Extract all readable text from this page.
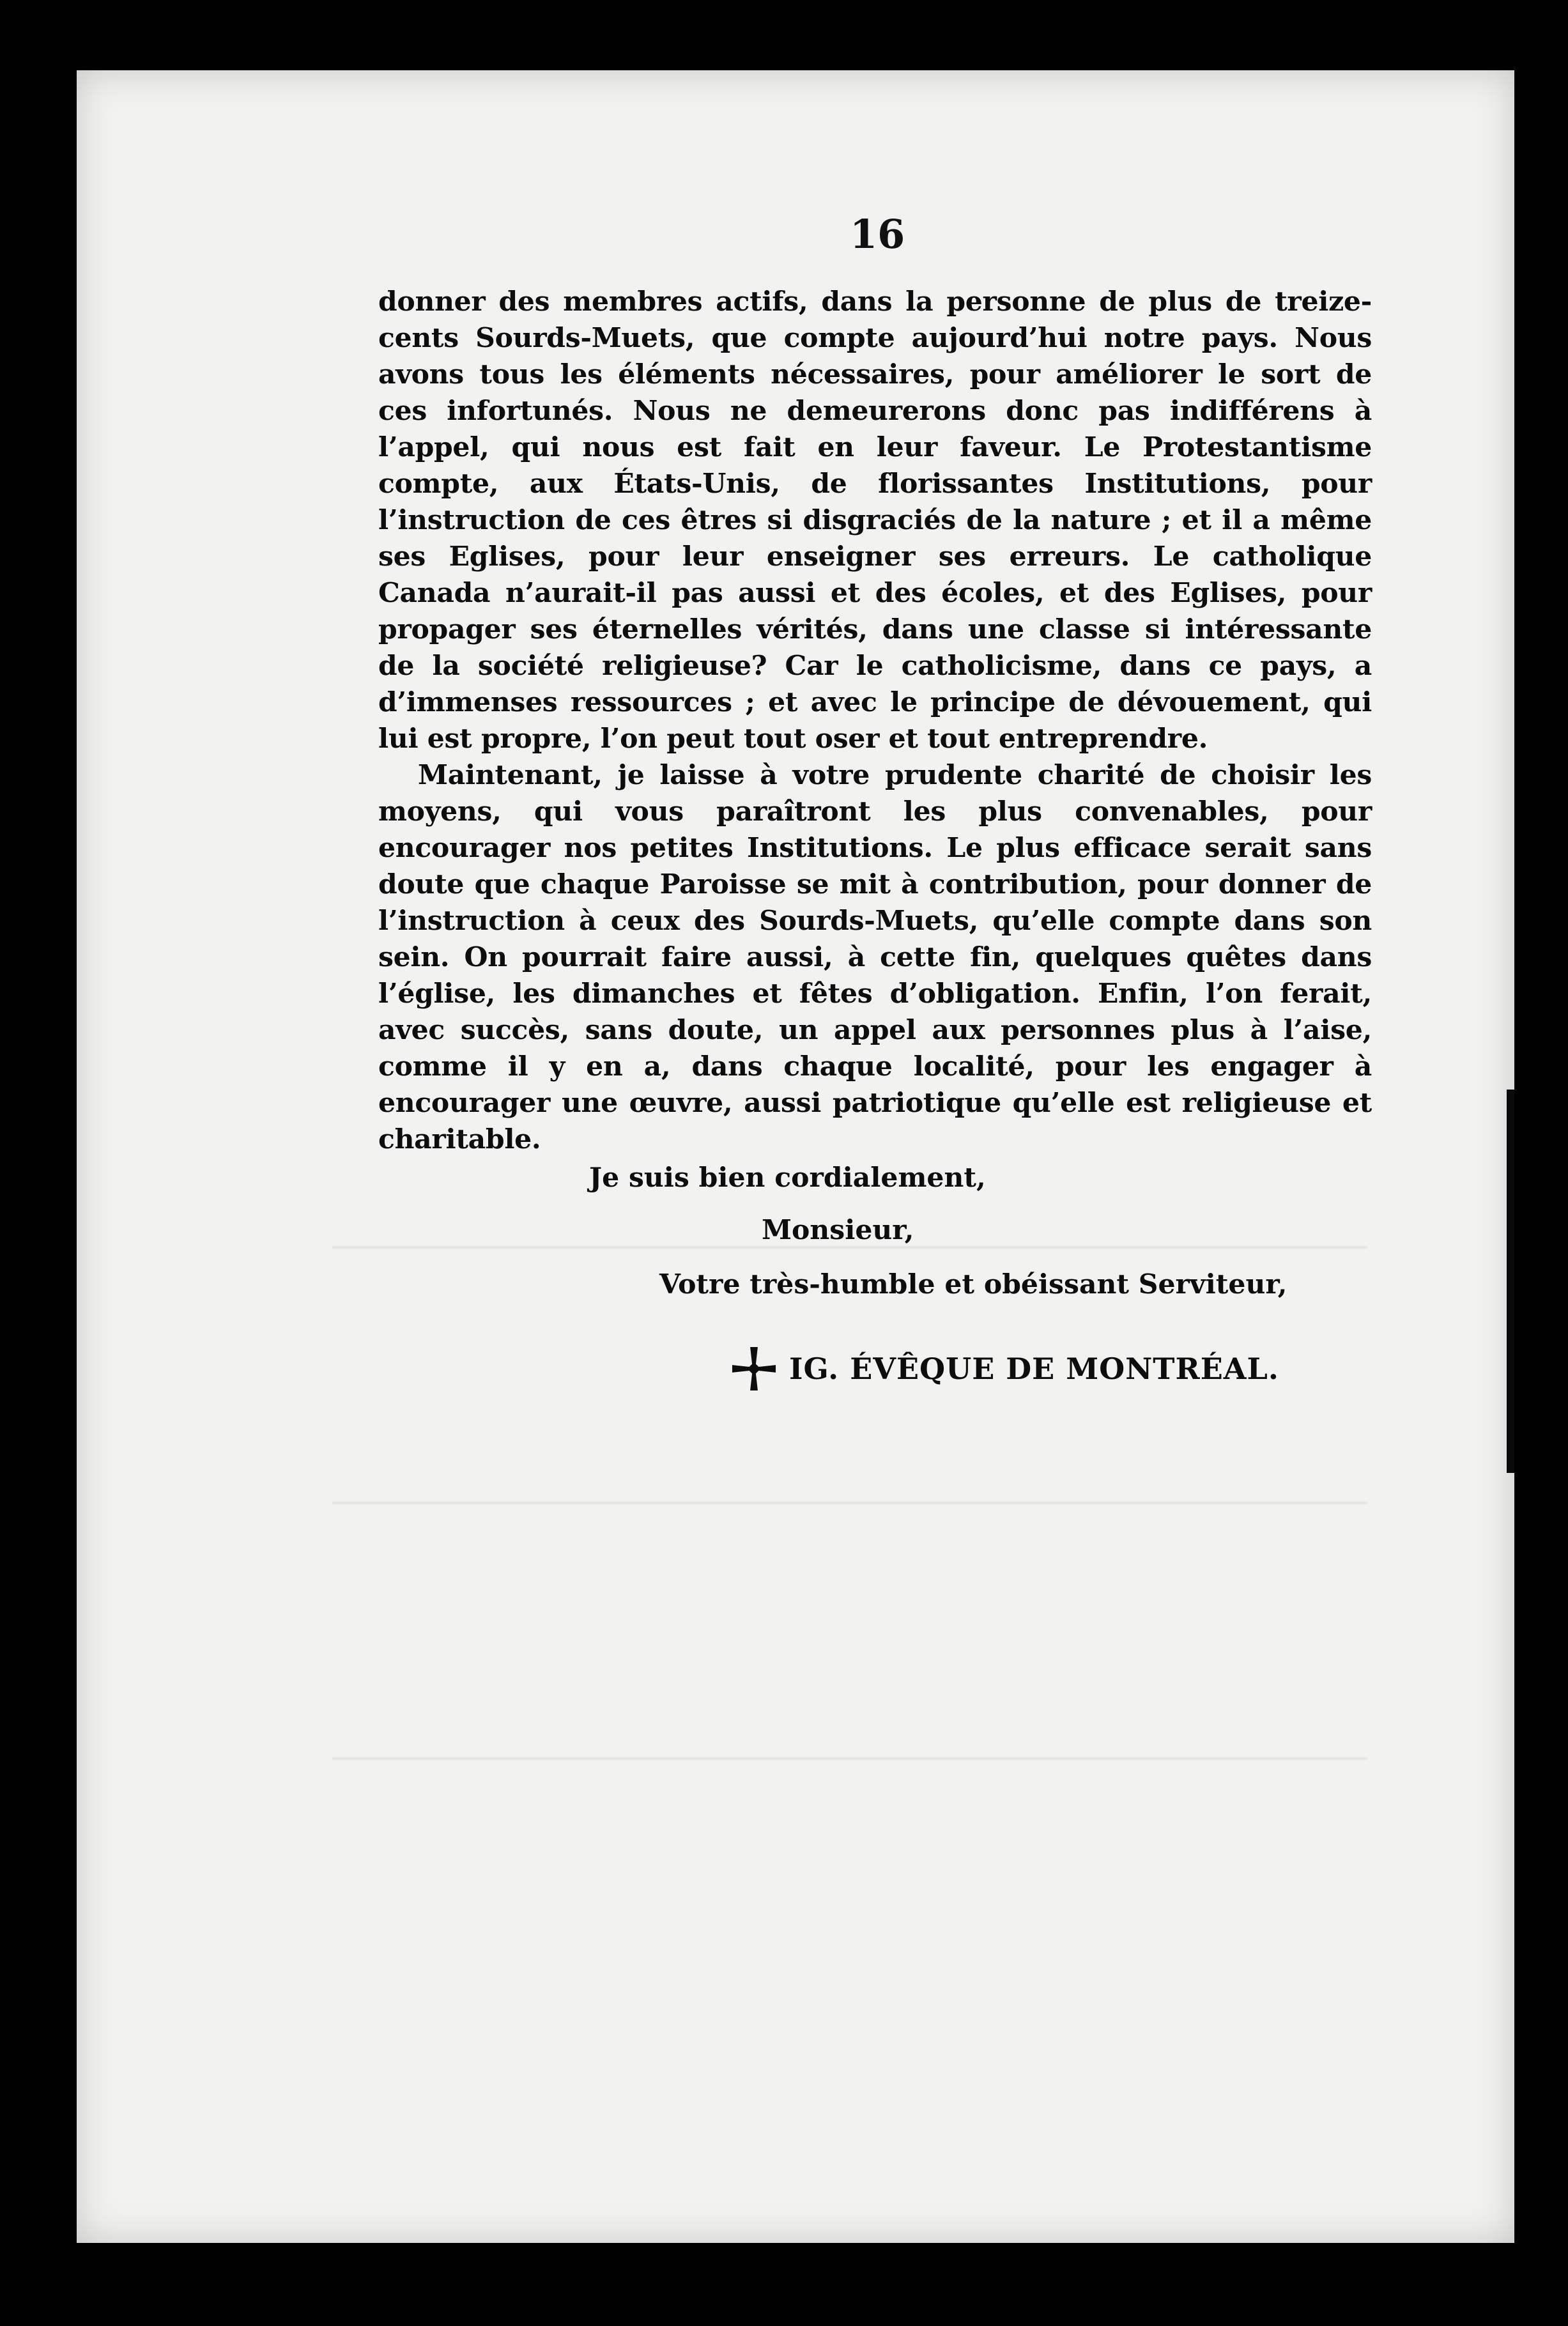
16

donner des membres actifs, dans la personne de plus de treize-cents Sourds-Muets, que compte aujourd’hui notre pays. Nous avons tous les éléments nécessaires, pour améliorer le sort de ces infortunés. Nous ne demeurerons donc pas indifférens à l’appel, qui nous est fait en leur faveur. Le Protestantisme compte, aux États-Unis, de florissantes Institutions, pour l’instruction de ces êtres si disgraciés de la nature ; et il a même ses Eglises, pour leur enseigner ses erreurs. Le catholique Canada n’aurait-il pas aussi et des écoles, et des Eglises, pour propager ses éternelles vérités, dans une classe si intéressante de la société religieuse? Car le catholicisme, dans ce pays, a d’immenses ressources ; et avec le principe de dévouement, qui lui est propre, l’on peut tout oser et tout entreprendre.

Maintenant, je laisse à votre prudente charité de choisir les moyens, qui vous paraîtront les plus convenables, pour encourager nos petites Institutions. Le plus efficace serait sans doute que chaque Paroisse se mit à contribution, pour donner de l’instruction à ceux des Sourds-Muets, qu’elle compte dans son sein. On pourrait faire aussi, à cette fin, quelques quêtes dans l’église, les dimanches et fêtes d’obligation. Enfin, l’on ferait, avec succès, sans doute, un appel aux personnes plus à l’aise, comme il y en a, dans chaque localité, pour les engager à encourager une œuvre, aussi patriotique qu’elle est religieuse et charitable.

Je suis bien cordialement,
Monsieur,
Votre très-humble et obéissant Serviteur,
IG. ÉVÊQUE DE MONTRÉAL.
